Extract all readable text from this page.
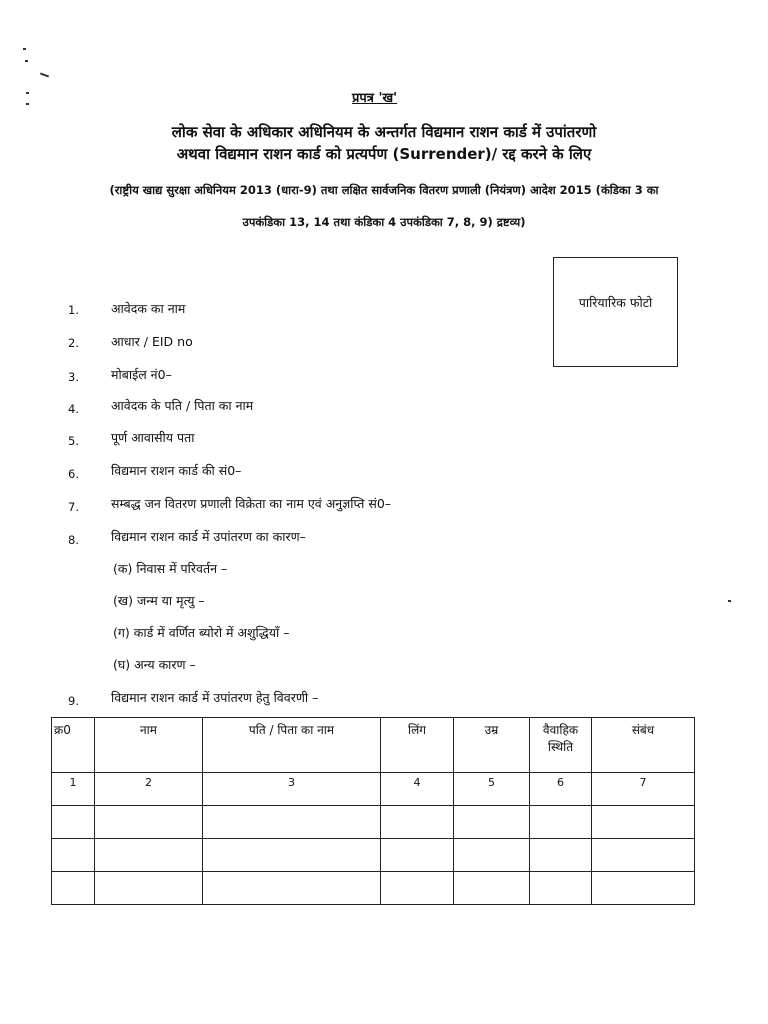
प्रपत्र 'ख'
लोक सेवा के अधिकार अधिनियम के अन्तर्गत विद्यमान राशन कार्ड में उपांतरणो
अथवा विद्यमान राशन कार्ड को प्रत्यर्पण (Surrender)/ रद्द करने के लिए
(राष्ट्रीय खाद्य सुरक्षा अधिनियम 2013 (धारा-9) तथा लक्षित सार्वजनिक वितरण प्रणाली (नियंत्रण) आदेश 2015 (कंडिका 3 का
उपकंडिका 13, 14 तथा कंडिका 4 उपकंडिका 7, 8, 9) द्रष्टव्य)
पारियारिक फोटो
1.	आवेदक का नाम
2.	आधार / EID no
3.	मोबाईल नं0–
4.	आवेदक के पति / पिता का नाम
5.	पूर्ण आवासीय पता
6.	विद्यमान राशन कार्ड की सं0–
7.	सम्बद्ध जन वितरण प्रणाली विक्रेता का नाम एवं अनुज्ञप्ति सं0–
8.	विद्यमान राशन कार्ड में उपांतरण का कारण–
(क) निवास में परिवर्तन –
(ख) जन्म या मृत्यु –
(ग) कार्ड में वर्णित ब्योरो में अशुद्धियाँ –
(घ) अन्य कारण –
9.	विद्यमान राशन कार्ड में उपांतरण हेतु विवरणी –
क्र0	नाम	पति / पिता का नाम	लिंग	उम्र	वैवाहिक स्थिति	संबंध
1	2	3	4	5	6	7
